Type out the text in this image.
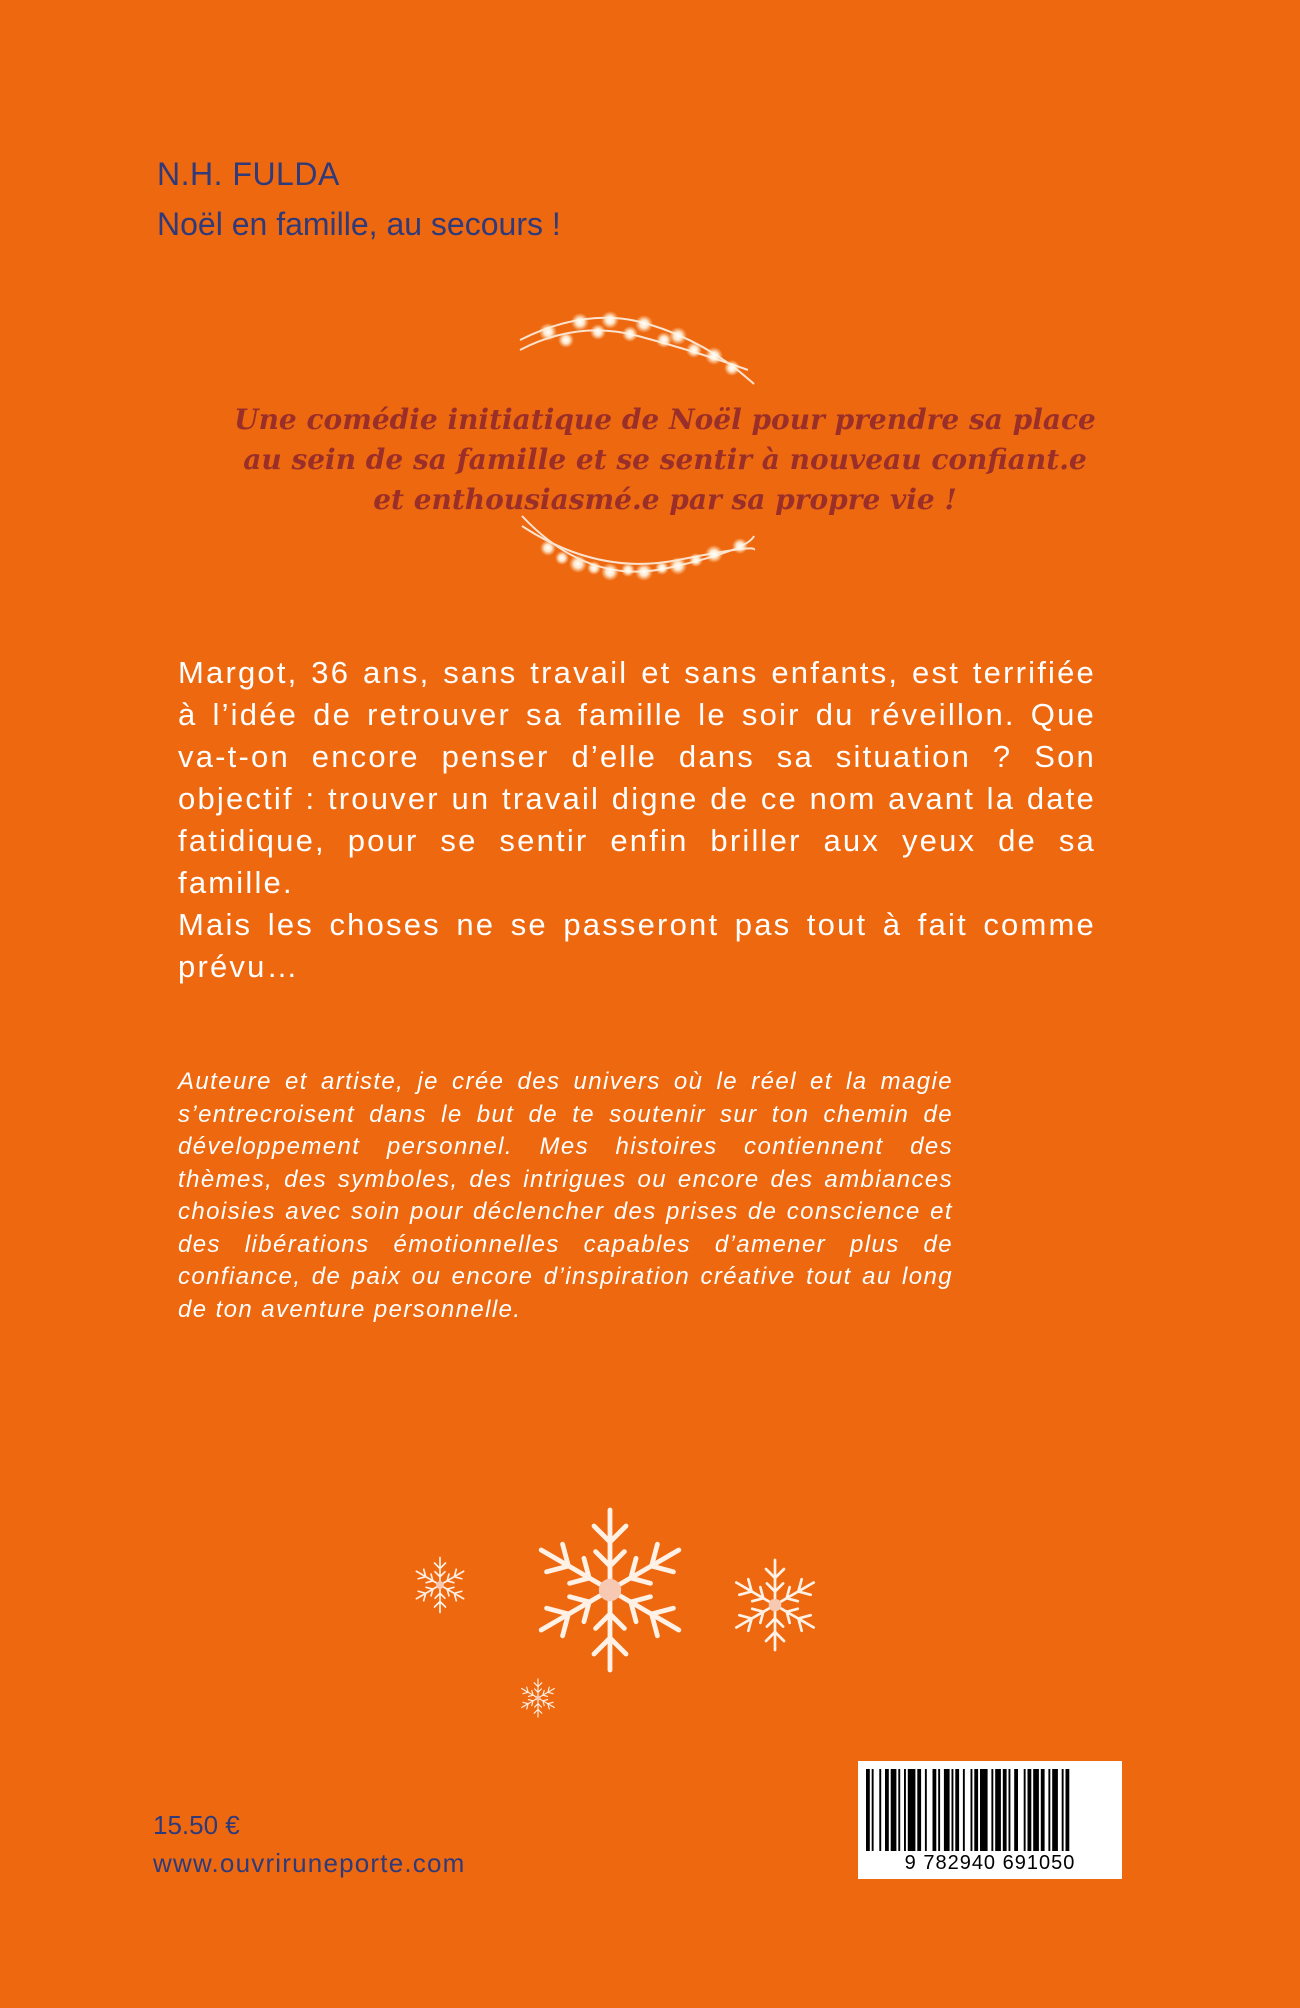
N.H. FULDA
Noël en famille, au secours !
Une comédie initiatique de Noël pour prendre sa place au sein de sa famille et se sentir à nouveau confiant.e et enthousiasmé.e par sa propre vie !

Margot, 36 ans, sans travail et sans enfants, est terrifiée à l’idée de retrouver sa famille le soir du réveillon. Que va-t-on encore penser d’elle dans sa situation ? Son objectif : trouver un travail digne de ce nom avant la date fatidique, pour se sentir enfin briller aux yeux de sa famille.

Mais les choses ne se passeront pas tout à fait comme prévu…

Auteure et artiste, je crée des univers où le réel et la magie s’entrecroisent dans le but de te soutenir sur ton chemin de développement personnel. Mes histoires contiennent des thèmes, des symboles, des intrigues ou encore des ambiances choisies avec soin pour déclencher des prises de conscience et des libérations émotionnelles capables d’amener plus de confiance, de paix ou encore d’inspiration créative tout au long de ton aventure personnelle.

15.50 €
www.ouvriruneporte.com	9 782940 691050
